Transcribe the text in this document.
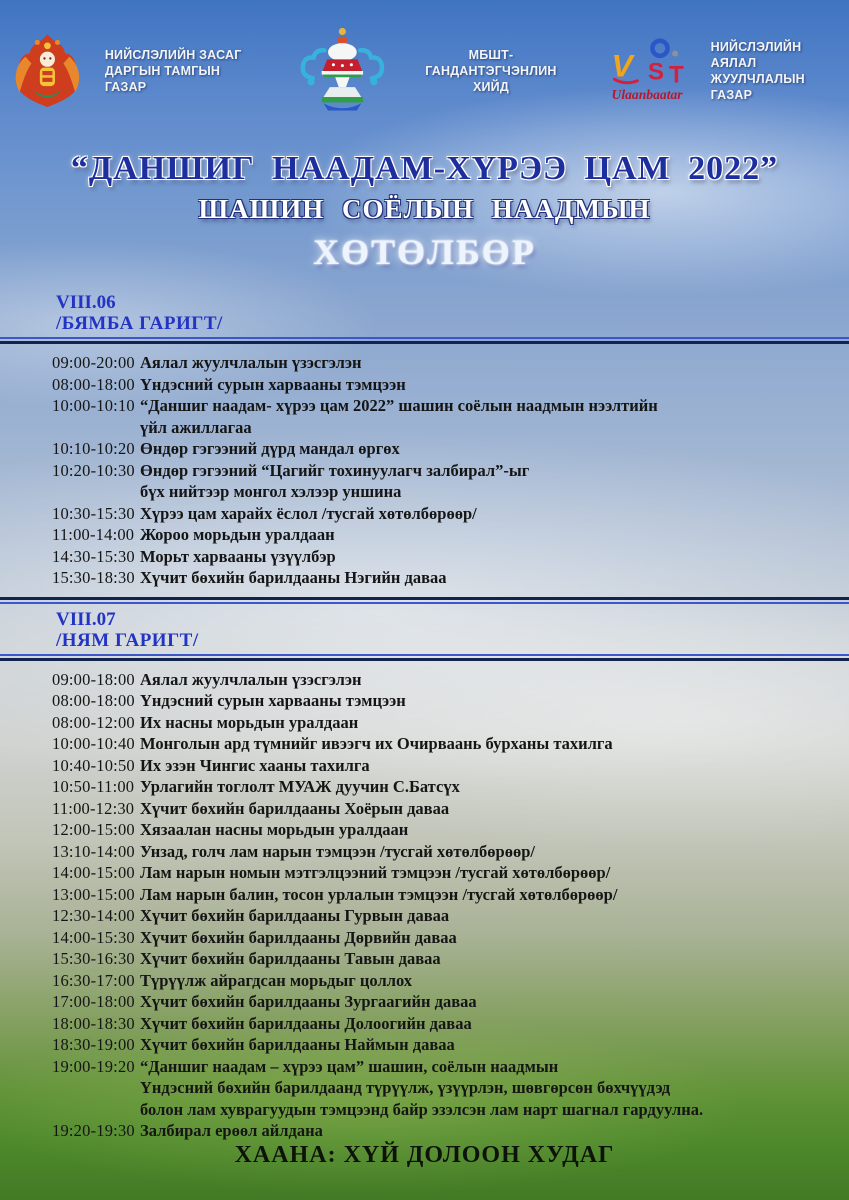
НИЙСЛЭЛИЙН ЗАСАГ
ДАРГЫН ТАМГЫН ГАЗАР
МБШТ- ГАНДАНТЭГЧЭНЛИН
ХИЙД
V S T
Ulaanbaatar
НИЙСЛЭЛИЙН АЯЛАЛ
ЖУУЛЧЛАЛЫН ГАЗАР
“ДАНШИГ НААДАМ-ХҮРЭЭ ЦАМ 2022”
ШАШИН СОЁЛЫН НААДМЫН
ХӨТӨЛБӨР
VIII.06
/БЯМБА ГАРИГТ/
09:00-20:00 Аялал жуулчлалын үзэсгэлэн
08:00-18:00 Үндэсний сурын харвааны тэмцээн
10:00-10:10 “Даншиг наадам- хүрээ цам 2022” шашин соёлын наадмын нээлтийн
үйл ажиллагаа
10:10-10:20 Өндөр гэгээний дүрд мандал өргөх
10:20-10:30 Өндөр гэгээний “Цагийг тохинуулагч залбирал”-ыг
бүх нийтээр монгол хэлээр уншина
10:30-15:30 Хүрээ цам харайх ёслол /тусгай хөтөлбөрөөр/
11:00-14:00 Жороо морьдын уралдаан
14:30-15:30 Морьт харвааны үзүүлбэр
15:30-18:30 Хүчит бөхийн барилдааны Нэгийн даваа
VIII.07
/НЯМ ГАРИГТ/
09:00-18:00 Аялал жуулчлалын үзэсгэлэн
08:00-18:00 Үндэсний сурын харвааны тэмцээн
08:00-12:00 Их насны морьдын уралдаан
10:00-10:40 Монголын ард түмнийг ивээгч их Очирваань бурханы тахилга
10:40-10:50 Их эзэн Чингис хааны тахилга
10:50-11:00 Урлагийн тоглолт МУАЖ дуучин С.Батсүх
11:00-12:30 Хүчит бөхийн барилдааны Хоёрын даваа
12:00-15:00 Хязаалан насны морьдын уралдаан
13:10-14:00 Унзад, голч лам нарын тэмцээн /тусгай хөтөлбөрөөр/
14:00-15:00 Лам нарын номын мэтгэлцээний тэмцээн /тусгай хөтөлбөрөөр/
13:00-15:00 Лам нарын балин, тосон урлалын тэмцээн /тусгай хөтөлбөрөөр/
12:30-14:00 Хүчит бөхийн барилдааны Гурвын даваа
14:00-15:30 Хүчит бөхийн барилдааны Дөрвийн даваа
15:30-16:30 Хүчит бөхийн барилдааны Тавын даваа
16:30-17:00 Түрүүлж айрагдсан морьдыг цоллох
17:00-18:00 Хүчит бөхийн барилдааны Зургаагийн даваа
18:00-18:30 Хүчит бөхийн барилдааны Долоогийн даваа
18:30-19:00 Хүчит бөхийн барилдааны Наймын даваа
19:00-19:20 “Даншиг наадам – хүрээ цам” шашин, соёлын наадмын
Үндэсний бөхийн барилдаанд түрүүлж, үзүүрлэн, шөвгөрсөн бөхчүүдэд
болон лам хуврагуудын тэмцээнд байр эзэлсэн лам нарт шагнал гардуулна.
19:20-19:30 Залбирал ерөөл айлдана
ХААНА: ХҮЙ ДОЛООН ХУДАГ
